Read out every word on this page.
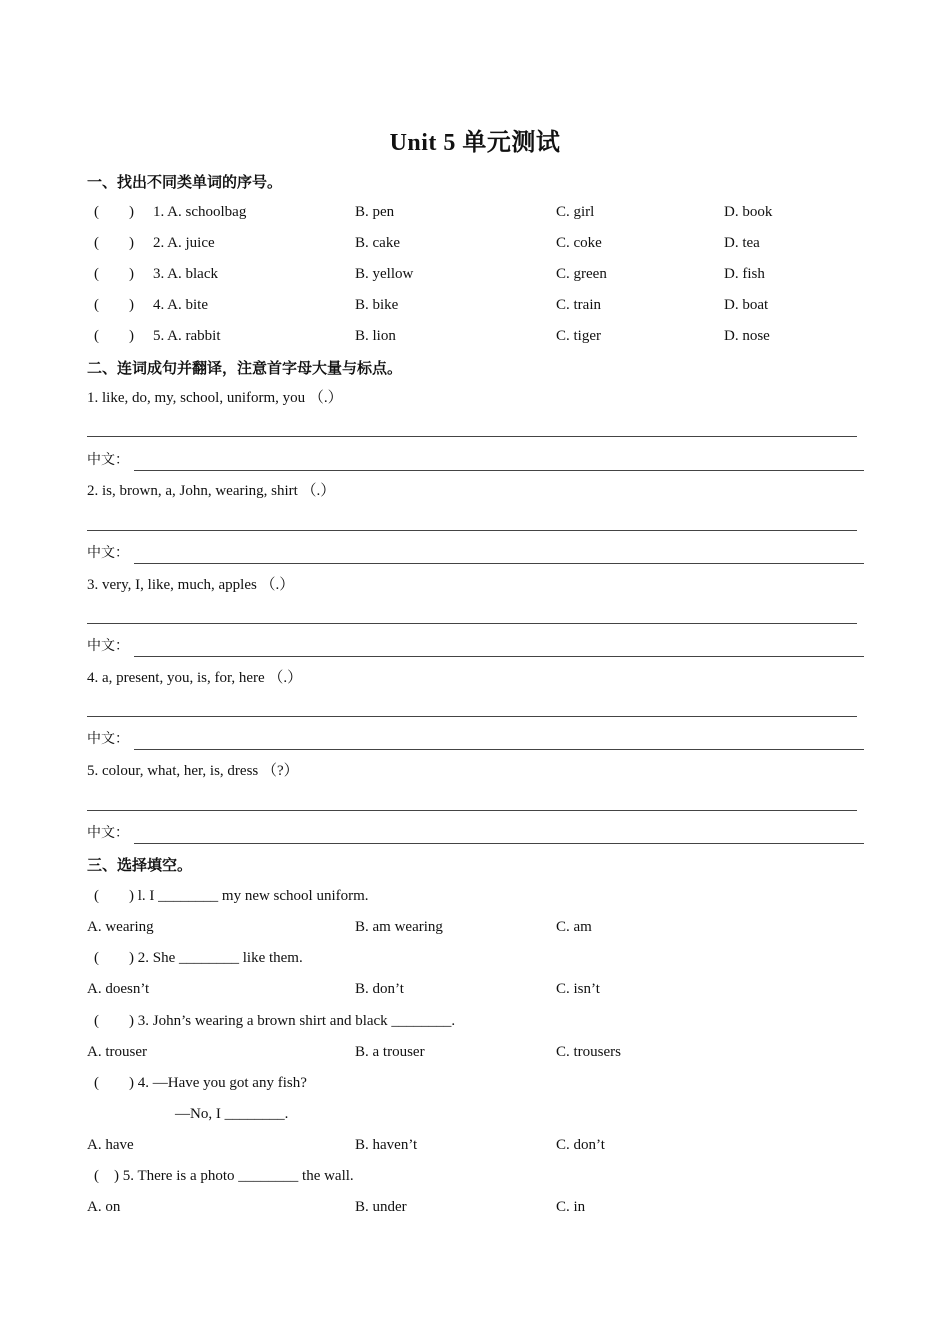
Unit 5 单元测试
一、找出不同类单词的序号。
(        ) 1. A. schoolbag	B. pen	C. girl	D. book
(        ) 2. A. juice	B. cake	C. coke	D. tea
(        ) 3. A. black	B. yellow	C. green	D. fish
(        ) 4. A. bite	B. bike	C. train	D. boat
(        ) 5. A. rabbit	B. lion	C. tiger	D. nose
二、连词成句并翻译，注意首字母大量与标点。
1. like, do, my, school, uniform, you （.）
中文：
2. is, brown, a, John, wearing, shirt （.）
中文：
3. very, I, like, much, apples （.）
中文：
4. a, present, you, is, for, here （.）
中文：
5. colour, what, her, is, dress （?）
中文：
三、选择填空。
(        ) l. I ________ my new school uniform.
A. wearing	B. am wearing	C. am
(        ) 2. She ________ like them.
A. doesn’t	B. don’t	C. isn’t
(        ) 3. John’s wearing a brown shirt and black ________.
A. trouser	B. a trouser	C. trousers
(        ) 4. —Have you got any fish?
—No, I ________.
A. have	B. haven’t	C. don’t
(    ) 5. There is a photo ________ the wall.
A. on	B. under	C. in
